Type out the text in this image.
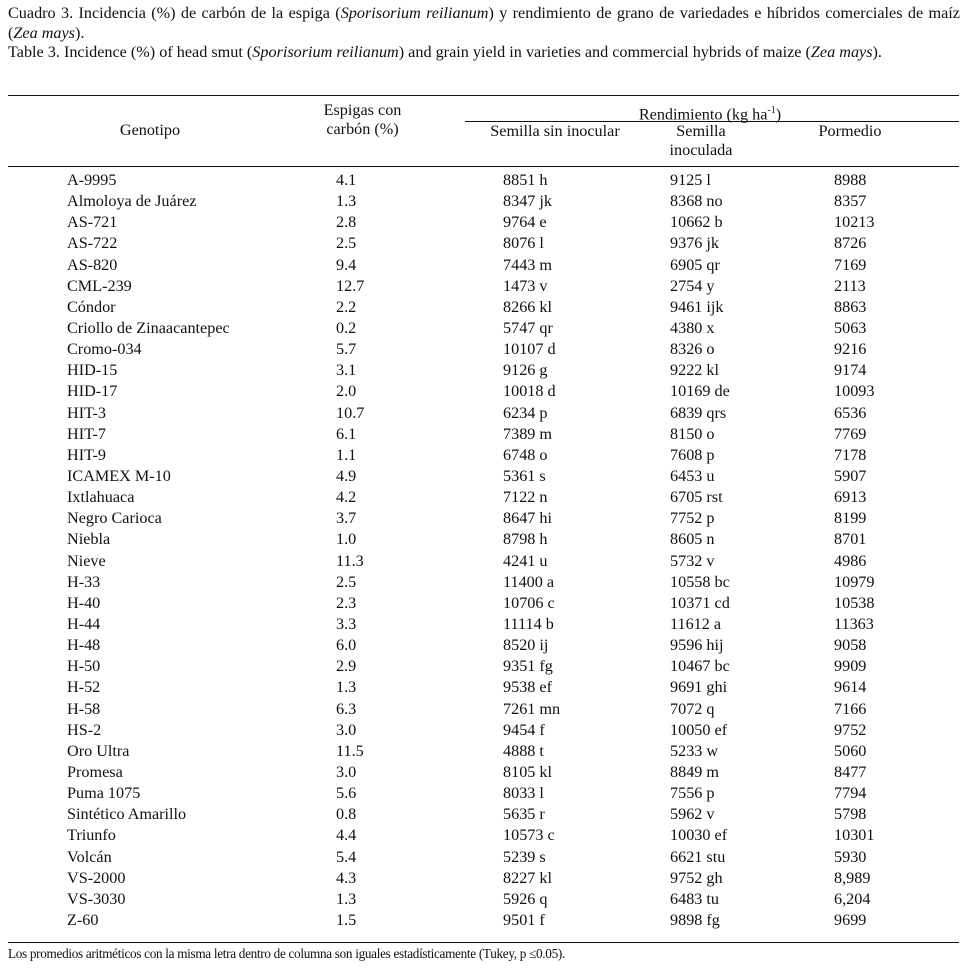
Cuadro 3. Incidencia (%) de carbón de la espiga (Sporisorium reilianum) y rendimiento de grano de variedades e híbridos comerciales de maíz (Zea mays).

Table 3. Incidence (%) of head smut (Sporisorium reilianum) and grain yield in varieties and commercial hybrids of maize (Zea mays).

Genotipo
Espigas con
carbón (%)
Rendimiento (kg $ha^{-1}$)
Semilla sin inocular	Semilla
inoculada
Pormedio
A-9995	4.1	8851 h	9125 l	8988
Almoloya de Juárez	1.3	8347 jk	8368 no	8357
AS-721	2.8	9764 e	10662 b	10213
AS-722	2.5	8076 l	9376 jk	8726
AS-820	9.4	7443 m	6905 qr	7169
CML-239	12.7	1473 v	2754 y	2113
Cóndor	2.2	8266 kl	9461 ijk	8863
Criollo de Zinaacantepec	0.2	5747 qr	4380 x	5063
Cromo-034	5.7	10107 d	8326 o	9216
HID-15	3.1	9126 g	9222 kl	9174
HID-17	2.0	10018 d	10169 de	10093
HIT-3	10.7	6234 p	6839 qrs	6536
HIT-7	6.1	7389 m	8150 o	7769
HIT-9	1.1	6748 o	7608 p	7178
ICAMEX M-10	4.9	5361 s	6453 u	5907
Ixtlahuaca	4.2	7122 n	6705 rst	6913
Negro Carioca	3.7	8647 hi	7752 p	8199
Niebla	1.0	8798 h	8605 n	8701
Nieve	11.3	4241 u	5732 v	4986
H-33	2.5	11400 a	10558 bc	10979
H-40	2.3	10706 c	10371 cd	10538
H-44	3.3	11114 b	11612 a	11363
H-48	6.0	8520 ij	9596 hij	9058
H-50	2.9	9351 fg	10467 bc	9909
H-52	1.3	9538 ef	9691 ghi	9614
H-58	6.3	7261 mn	7072 q	7166
HS-2	3.0	9454 f	10050 ef	9752
Oro Ultra	11.5	4888 t	5233 w	5060
Promesa	3.0	8105 kl	8849 m	8477
Puma 1075	5.6	8033 l	7556 p	7794
Sintético Amarillo	0.8	5635 r	5962 v	5798
Triunfo	4.4	10573 c	10030 ef	10301
Volcán	5.4	5239 s	6621 stu	5930
VS-2000	4.3	8227 kl	9752 gh	8,989
VS-3030	1.3	5926 q	6483 tu	6,204
Z-60	1.5	9501 f	9898 fg	9699
Los promedios aritméticos con la misma letra dentro de columna son iguales estadísticamente (Tukey, p ≤0.05).
